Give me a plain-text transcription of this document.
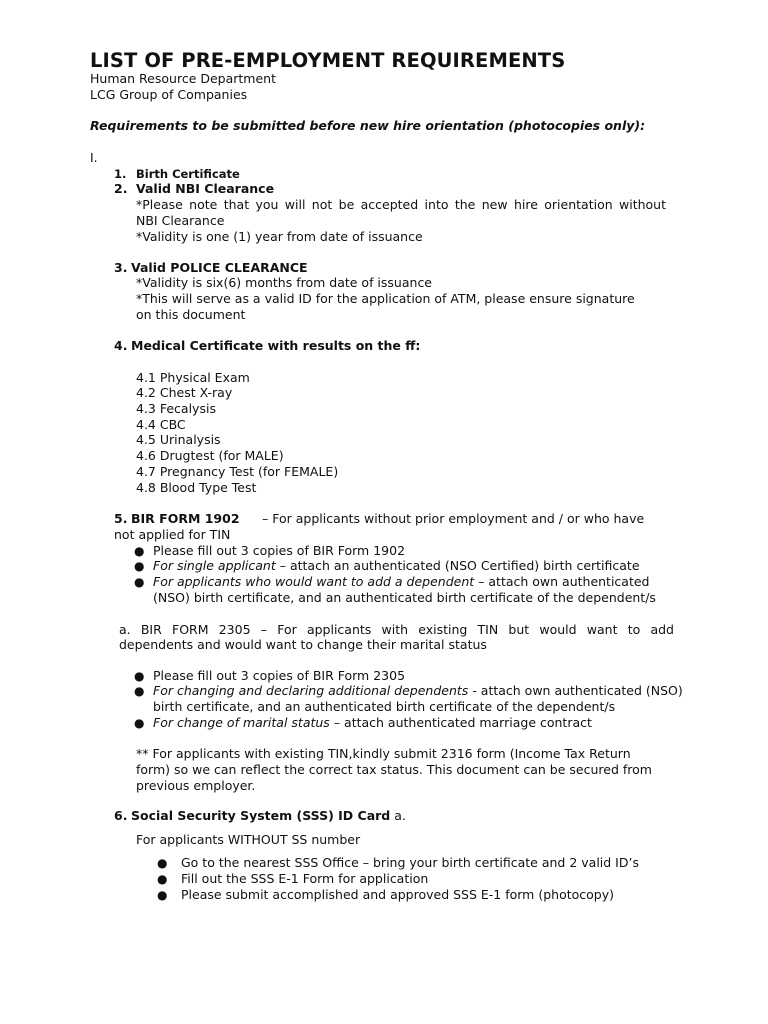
LIST OF PRE-EMPLOYMENT REQUIREMENTS
Human Resource Department
LCG Group of Companies
Requirements to be submitted before new hire orientation (photocopies only):
I.
1. Birth Certificate
2. Valid NBI Clearance
*Please note that you will not be accepted into the new hire orientation without
NBI Clearance
*Validity is one (1) year from date of issuance
3. Valid POLICE CLEARANCE
*Validity is six(6) months from date of issuance
*This will serve as a valid ID for the application of ATM, please ensure signature
on this document
4. Medical Certificate with results on the ff:
4.1 Physical Exam
4.2 Chest X-ray
4.3 Fecalysis
4.4 CBC
4.5 Urinalysis
4.6 Drugtest (for MALE)
4.7 Pregnancy Test (for FEMALE)
4.8 Blood Type Test
5. BIR FORM 1902 – For applicants without prior employment and / or who have
not applied for TIN
● Please fill out 3 copies of BIR Form 1902
● For single applicant – attach an authenticated (NSO Certified) birth certificate
● For applicants who would want to add a dependent – attach own authenticated
(NSO) birth certificate, and an authenticated birth certificate of the dependent/s
a. BIR FORM 2305 – For applicants with existing TIN but would want to add
dependents and would want to change their marital status
● Please fill out 3 copies of BIR Form 2305
● For changing and declaring additional dependents - attach own authenticated (NSO)
birth certificate, and an authenticated birth certificate of the dependent/s
● For change of marital status – attach authenticated marriage contract
** For applicants with existing TIN,kindly submit 2316 form (Income Tax Return
form) so we can reflect the correct tax status. This document can be secured from
previous employer.
6. Social Security System (SSS) ID Card a.
For applicants WITHOUT SS number
● Go to the nearest SSS Office – bring your birth certificate and 2 valid ID’s
● Fill out the SSS E-1 Form for application
● Please submit accomplished and approved SSS E-1 form (photocopy)
